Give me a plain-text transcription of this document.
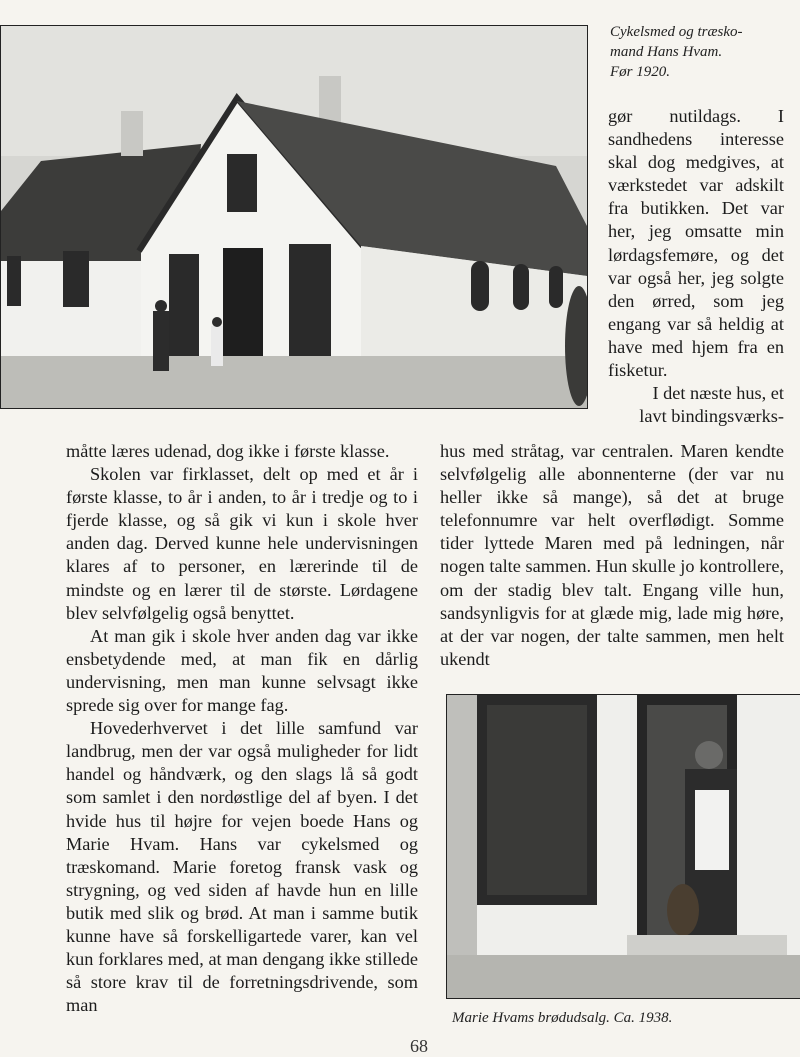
Cykelsmed og træsko-
mand Hans Hvam.
Før 1920.

gør nutildags. I sandhedens interesse skal dog medgives, at værkstedet var adskilt fra butikken. Det var her, jeg omsatte min lørdagsfemøre, og det var også her, jeg solgte den ørred, som jeg engang var så heldig at have med hjem fra en fisketur.

I det næste hus, et lavt bindingsværks-

måtte læres udenad, dog ikke i første klasse.

Skolen var firklasset, delt op med et år i første klasse, to år i anden, to år i tredje og to i fjerde klasse, og så gik vi kun i skole hver anden dag. Derved kunne hele undervisningen klares af to personer, en lærerinde til de mindste og en lærer til de største. Lørdagene blev selvfølgelig også benyttet.

At man gik i skole hver anden dag var ikke ensbetydende med, at man fik en dårlig undervisning, men man kunne selvsagt ikke sprede sig over for mange fag.

Hovederhvervet i det lille samfund var landbrug, men der var også muligheder for lidt handel og håndværk, og den slags lå så godt som samlet i den nordøstlige del af byen. I det hvide hus til højre for vejen boede Hans og Marie Hvam. Hans var cykelsmed og træskomand. Marie foretog fransk vask og strygning, og ved siden af havde hun en lille butik med slik og brød. At man i samme butik kunne have så forskelligartede varer, kan vel kun forklares med, at man dengang ikke stillede så store krav til de forretningsdrivende, som man

hus med stråtag, var centralen. Maren kendte selvfølgelig alle abonnenterne (der var nu heller ikke så mange), så det at bruge telefonnumre var helt overflødigt. Somme tider lyttede Maren med på ledningen, når nogen talte sammen. Hun skulle jo kontrollere, om der stadig blev talt. Engang ville hun, sandsynligvis for at glæde mig, lade mig høre, at der var nogen, der talte sammen, men helt ukendt

Marie Hvams brødudsalg. Ca. 1938.
68
